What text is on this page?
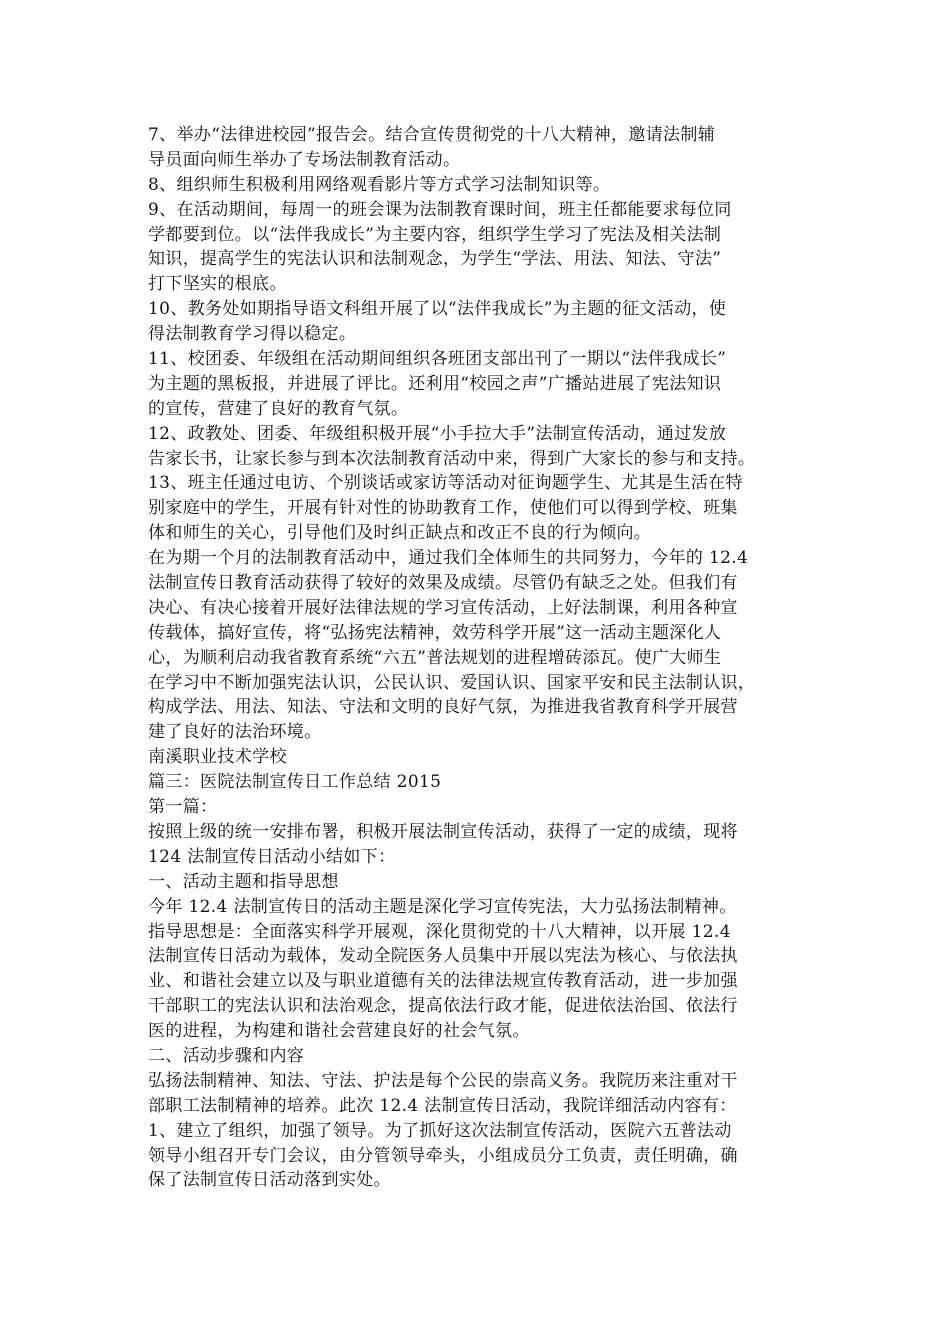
7、举办“法律进校园”报告会。结合宣传贯彻党的十八大精神，邀请法制辅
导员面向师生举办了专场法制教育活动。
8、组织师生积极利用网络观看影片等方式学习法制知识等。
9、在活动期间，每周一的班会课为法制教育课时间，班主任都能要求每位同
学都要到位。以“法伴我成长”为主要内容，组织学生学习了宪法及相关法制
知识，提高学生的宪法认识和法制观念，为学生“学法、用法、知法、守法”
打下坚实的根底。
10、教务处如期指导语文科组开展了以“法伴我成长”为主题的征文活动，使
得法制教育学习得以稳定。
11、校团委、年级组在活动期间组织各班团支部出刊了一期以“法伴我成长”
为主题的黑板报，并进展了评比。还利用“校园之声”广播站进展了宪法知识
的宣传，营建了良好的教育气氛。
12、政教处、团委、年级组积极开展“小手拉大手”法制宣传活动，通过发放
告家长书，让家长参与到本次法制教育活动中来，得到广大家长的参与和支持。
13、班主任通过电访、个别谈话或家访等活动对征询题学生、尤其是生活在特
别家庭中的学生，开展有针对性的协助教育工作，使他们可以得到学校、班集
体和师生的关心，引导他们及时纠正缺点和改正不良的行为倾向。
在为期一个月的法制教育活动中，通过我们全体师生的共同努力，今年的 12.4
法制宣传日教育活动获得了较好的效果及成绩。尽管仍有缺乏之处。但我们有
决心、有决心接着开展好法律法规的学习宣传活动，上好法制课，利用各种宣
传载体，搞好宣传，将“弘扬宪法精神，效劳科学开展”这一活动主题深化人
心，为顺利启动我省教育系统“六五”普法规划的进程增砖添瓦。使广大师生
在学习中不断加强宪法认识，公民认识、爱国认识、国家平安和民主法制认识，
构成学法、用法、知法、守法和文明的良好气氛，为推进我省教育科学开展营
建了良好的法治环境。
南溪职业技术学校
篇三：医院法制宣传日工作总结 2015
第一篇：
按照上级的统一安排布署，积极开展法制宣传活动，获得了一定的成绩，现将
124 法制宣传日活动小结如下：
一、活动主题和指导思想
今年 12.4 法制宣传日的活动主题是深化学习宣传宪法，大力弘扬法制精神。
指导思想是：全面落实科学开展观，深化贯彻党的十八大精神，以开展 12.4
法制宣传日活动为载体，发动全院医务人员集中开展以宪法为核心、与依法执
业、和谐社会建立以及与职业道德有关的法律法规宣传教育活动，进一步加强
干部职工的宪法认识和法治观念，提高依法行政才能，促进依法治国、依法行
医的进程，为构建和谐社会营建良好的社会气氛。
二、活动步骤和内容
弘扬法制精神、知法、守法、护法是每个公民的崇高义务。我院历来注重对干
部职工法制精神的培养。此次 12.4 法制宣传日活动，我院详细活动内容有：
1、建立了组织，加强了领导。为了抓好这次法制宣传活动，医院六五普法动
领导小组召开专门会议，由分管领导牵头，小组成员分工负责，责任明确，确
保了法制宣传日活动落到实处。
